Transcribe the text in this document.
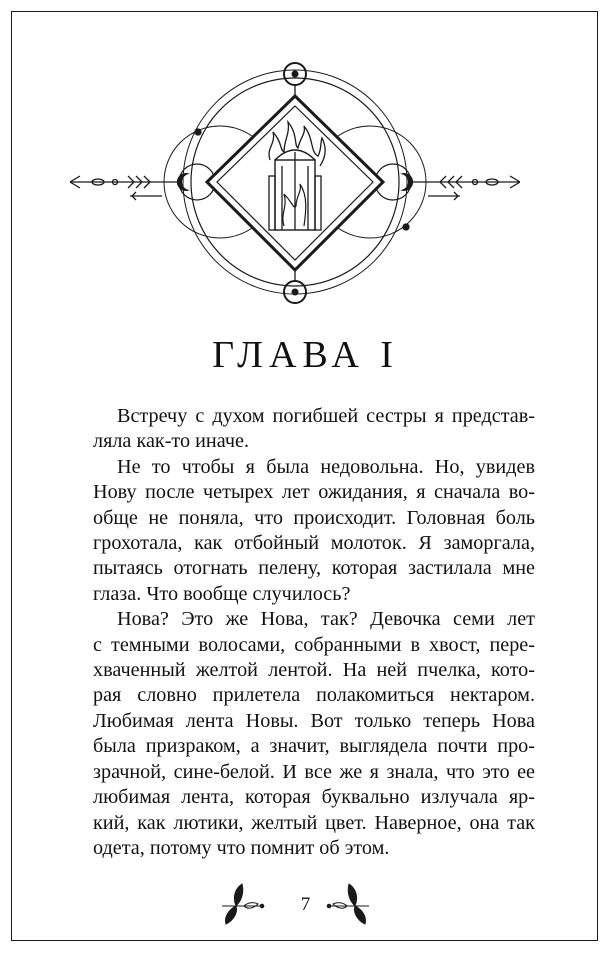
ГЛАВА I
Встречу с духом погибшей сестры я представ-
ляла как-то иначе.
Не то чтобы я была недовольна. Но, увидев
Нову после четырех лет ожидания, я сначала во-
обще не поняла, что происходит. Головная боль
грохотала, как отбойный молоток. Я заморгала,
пытаясь отогнать пелену, которая застилала мне
глаза. Что вообще случилось?
Нова? Это же Нова, так? Девочка семи лет
с темными волосами, собранными в хвост, пере-
хваченный желтой лентой. На ней пчелка, кото-
рая словно прилетела полакомиться нектаром.
Любимая лента Новы. Вот только теперь Нова
была призраком, а значит, выглядела почти про-
зрачной, сине-белой. И все же я знала, что это ее
любимая лента, которая буквально излучала яр-
кий, как лютики, желтый цвет. Наверное, она так
одета, потому что помнит об этом.
7
